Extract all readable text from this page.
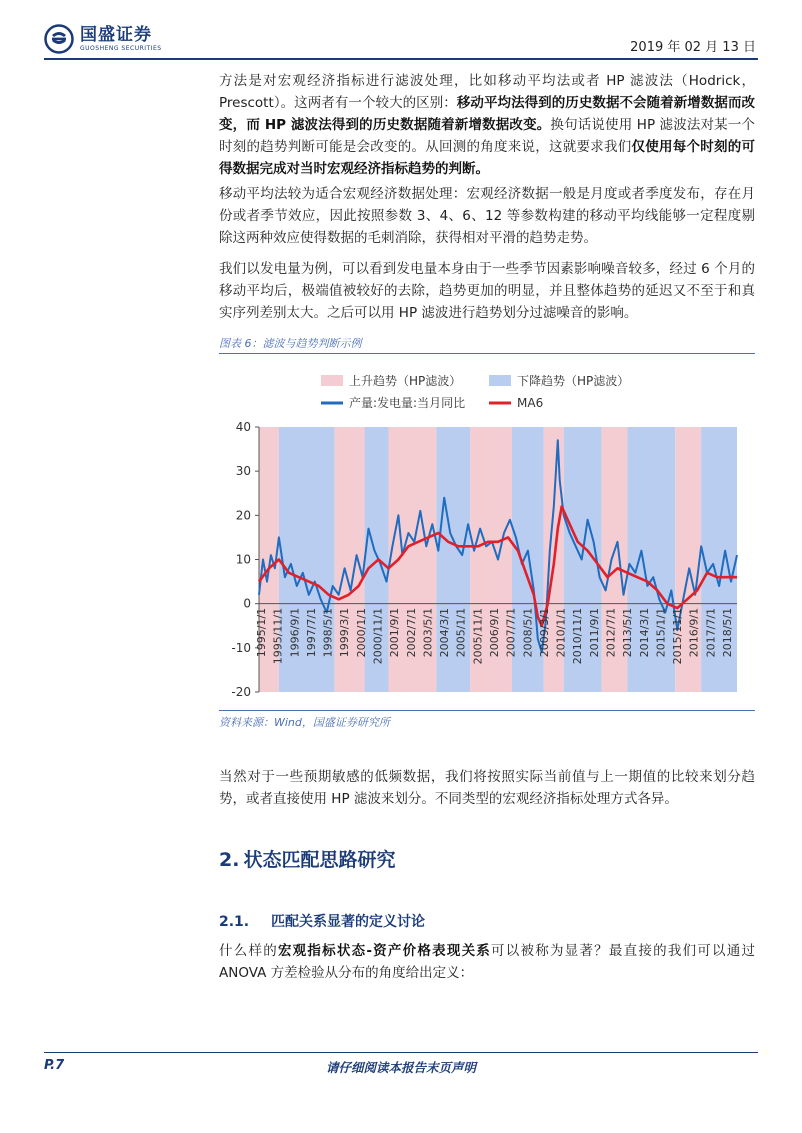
国盛证券
GUOSHENG SECURITIES	2019 年 02 月 13 日
方法是对宏观经济指标进行滤波处理，比如移动平均法或者 HP 滤波法（Hodrick，Prescott）。这两者有一个较大的区别：移动平均法得到的历史数据不会随着新增数据而改变，而 HP 滤波法得到的历史数据随着新增数据改变。换句话说使用 HP 滤波法对某一个时刻的趋势判断可能是会改变的。从回测的角度来说，这就要求我们仅使用每个时刻的可得数据完成对当时宏观经济指标趋势的判断。
移动平均法较为适合宏观经济数据处理：宏观经济数据一般是月度或者季度发布，存在月份或者季节效应，因此按照参数 3、4、6、12 等参数构建的移动平均线能够一定程度剔除这两种效应使得数据的毛刺消除，获得相对平滑的趋势走势。
我们以发电量为例，可以看到发电量本身由于一些季节因素影响噪音较多，经过 6 个月的移动平均后，极端值被较好的去除，趋势更加的明显，并且整体趋势的延迟又不至于和真实序列差别太大。之后可以用 HP 滤波进行趋势划分过滤噪音的影响。
图表 6：滤波与趋势判断示例
上升趋势（HP滤波）	下降趋势（HP滤波）
产量:发电量:当月同比	MA6
-20
-10
0
10
20
30
40
1995/1/1 1995/11/1 1996/9/1 1997/7/1 1998/5/1 1999/3/1 2000/1/1 2000/11/1 2001/9/1 2002/7/1 2003/5/1 2004/3/1 2005/1/1 2005/11/1 2006/9/1 2007/7/1 2008/5/1 2009/3/1 2010/1/1 2010/11/1 2011/9/1 2012/7/1 2013/5/1 2014/3/1 2015/1/1 2015/11/1 2016/9/1 2017/7/1 2018/5/1
资料来源：Wind，国盛证券研究所
当然对于一些预期敏感的低频数据，我们将按照实际当前值与上一期值的比较来划分趋势，或者直接使用 HP 滤波来划分。不同类型的宏观经济指标处理方式各异。
2. 状态匹配思路研究
2.1. 匹配关系显著的定义讨论
什么样的宏观指标状态-资产价格表现关系可以被称为显著？最直接的我们可以通过 ANOVA 方差检验从分布的角度给出定义：
P.7	请仔细阅读本报告末页声明
